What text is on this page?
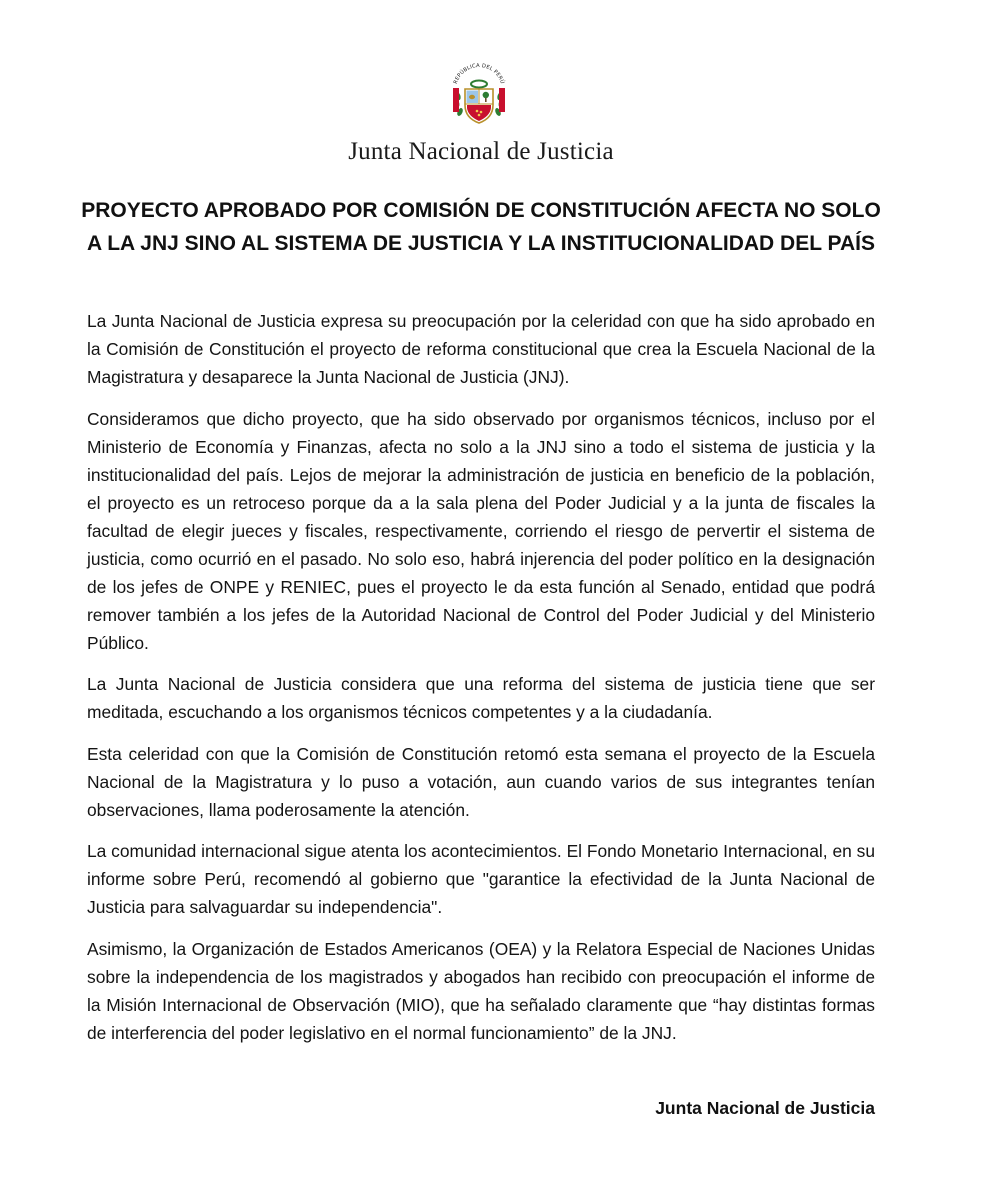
REPÚBLICA DEL PERÚ
Junta Nacional de Justicia
PROYECTO APROBADO POR COMISIÓN DE CONSTITUCIÓN AFECTA NO SOLO A LA JNJ SINO AL SISTEMA DE JUSTICIA Y LA INSTITUCIONALIDAD DEL PAÍS

La Junta Nacional de Justicia expresa su preocupación por la celeridad con que ha sido aprobado en la Comisión de Constitución el proyecto de reforma constitucional que crea la Escuela Nacional de la Magistratura y desaparece la Junta Nacional de Justicia (JNJ).

Consideramos que dicho proyecto, que ha sido observado por organismos técnicos, incluso por el Ministerio de Economía y Finanzas, afecta no solo a la JNJ sino a todo el sistema de justicia y la institucionalidad del país. Lejos de mejorar la administración de justicia en beneficio de la población, el proyecto es un retroceso porque da a la sala plena del Poder Judicial y a la junta de fiscales la facultad de elegir jueces y fiscales, respectivamente, corriendo el riesgo de pervertir el sistema de justicia, como ocurrió en el pasado. No solo eso, habrá injerencia del poder político en la designación de los jefes de ONPE y RENIEC, pues el proyecto le da esta función al Senado, entidad que podrá remover también a los jefes de la Autoridad Nacional de Control del Poder Judicial y del Ministerio Público.

La Junta Nacional de Justicia considera que una reforma del sistema de justicia tiene que ser meditada, escuchando a los organismos técnicos competentes y a la ciudadanía.

Esta celeridad con que la Comisión de Constitución retomó esta semana el proyecto de la Escuela Nacional de la Magistratura y lo puso a votación, aun cuando varios de sus integrantes tenían observaciones, llama poderosamente la atención.

La comunidad internacional sigue atenta los acontecimientos. El Fondo Monetario Internacional, en su informe sobre Perú, recomendó al gobierno que "garantice la efectividad de la Junta Nacional de Justicia para salvaguardar su independencia".

Asimismo, la Organización de Estados Americanos (OEA) y la Relatora Especial de Naciones Unidas sobre la independencia de los magistrados y abogados han recibido con preocupación el informe de la Misión Internacional de Observación (MIO), que ha señalado claramente que “hay distintas formas de interferencia del poder legislativo en el normal funcionamiento” de la JNJ.

Junta Nacional de Justicia
